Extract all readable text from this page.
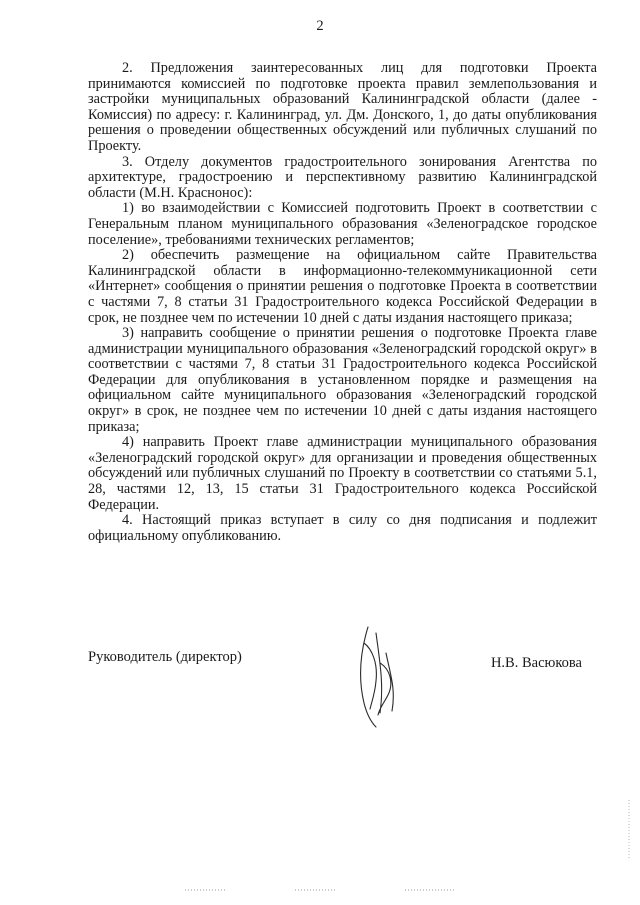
2

2. Предложения заинтересованных лиц для подготовки Проекта принимаются комиссией по подготовке проекта правил землепользования и застройки муниципальных образований Калининградской области (далее - Комиссия) по адресу: г. Калининград, ул. Дм. Донского, 1, до даты опубликования решения о проведении общественных обсуждений или публичных слушаний по Проекту.

3. Отделу документов градостроительного зонирования Агентства по архитектуре, градостроению и перспективному развитию Калининградской области (М.Н. Краснонос):

1) во взаимодействии с Комиссией подготовить Проект в соответствии с Генеральным планом муниципального образования «Зеленоградское городское поселение», требованиями технических регламентов;

2) обеспечить размещение на официальном сайте Правительства Калининградской области в информационно-телекоммуникационной сети «Интернет» сообщения о принятии решения о подготовке Проекта в соответствии с частями 7, 8 статьи 31 Градостроительного кодекса Российской Федерации в срок, не позднее чем по истечении 10 дней с даты издания настоящего приказа;

3) направить сообщение о принятии решения о подготовке Проекта главе администрации муниципального образования «Зеленоградский городской округ» в соответствии с частями 7, 8 статьи 31 Градостроительного кодекса Российской Федерации для опубликования в установленном порядке и размещения на официальном сайте муниципального образования «Зеленоградский городской округ» в срок, не позднее чем по истечении 10 дней с даты издания настоящего приказа;

4) направить Проект главе администрации муниципального образования «Зеленоградский городской округ» для организации и проведения общественных обсуждений или публичных слушаний по Проекту в соответствии со статьями 5.1, 28, частями 12, 13, 15 статьи 31 Градостроительного кодекса Российской Федерации.

4. Настоящий приказ вступает в силу со дня подписания и подлежит официальному опубликованию.

Руководитель (директор)	Н.В. Васюкова
